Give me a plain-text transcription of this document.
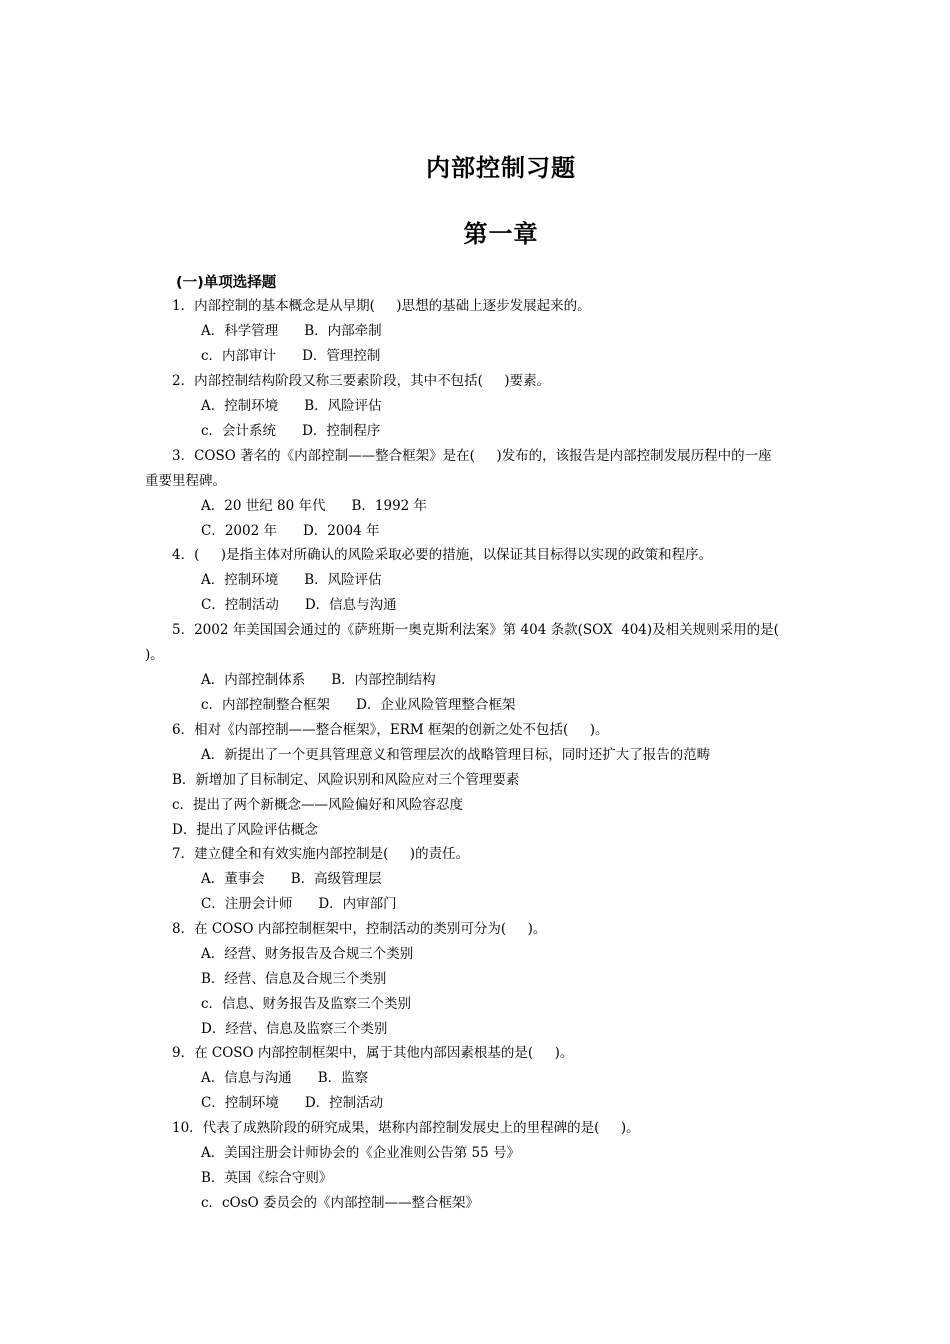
内部控制习题
第一章
(一)单项选择题
1．内部控制的基本概念是从早期(     )思想的基础上逐步发展起来的。
A．科学管理 B．内部牵制
c．内部审计 D．管理控制
2．内部控制结构阶段又称三要素阶段，其中不包括(     )要素。
A．控制环境 B．风险评估
c．会计系统 D．控制程序
3．COSO 著名的《内部控制——整合框架》是在(     )发布的，该报告是内部控制发展历程中的一座
重要里程碑。
A．20 世纪 80 年代 B．1992 年
C．2002 年 D．2004 年
4．(     )是指主体对所确认的风险采取必要的措施，以保证其目标得以实现的政策和程序。
A．控制环境 B．风险评估
C．控制活动 D．信息与沟通
5．2002 年美国国会通过的《萨班斯一奥克斯利法案》第 404 条款(SOX  404)及相关规则采用的是(
)。
A．内部控制体系 B．内部控制结构
c．内部控制整合框架 D．企业风险管理整合框架
6．相对《内部控制——整合框架》，ERM 框架的创新之处不包括(     )。
A．新提出了一个更具管理意义和管理层次的战略管理目标，同时还扩大了报告的范畴
B．新增加了目标制定、风险识别和风险应对三个管理要素
c．提出了两个新概念——风险偏好和风险容忍度
D．提出了风险评估概念
7．建立健全和有效实施内部控制是(     )的责任。
A．董事会 B．高级管理层
C．注册会计师 D．内审部门
8．在 COSO 内部控制框架中，控制活动的类别可分为(     )。
A．经营、财务报告及合规三个类别
B．经营、信息及合规三个类别
c．信息、财务报告及监察三个类别
D．经营、信息及监察三个类别
9．在 COSO 内部控制框架中，属于其他内部因素根基的是(     )。
A．信息与沟通 B．监察
C．控制环境 D．控制活动
10．代表了成熟阶段的研究成果，堪称内部控制发展史上的里程碑的是(     )。
A．美国注册会计师协会的《企业准则公告第 55 号》
B．英国《综合守则》
c．cOsO 委员会的《内部控制——整合框架》
